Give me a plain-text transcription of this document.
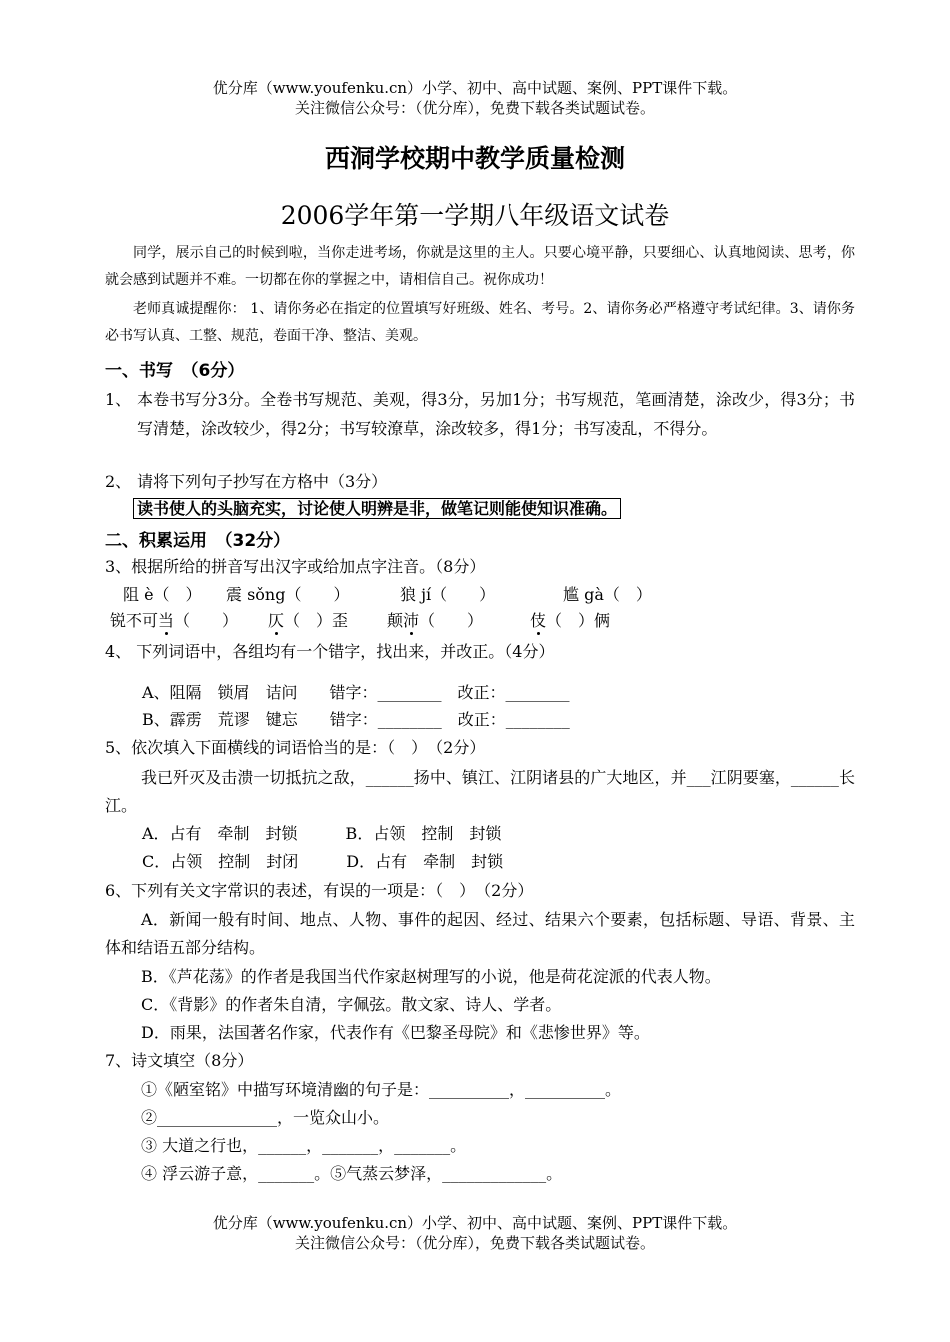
优分库（www.youfenku.cn）小学、初中、高中试题、案例、PPT课件下载。
关注微信公众号：（优分库），免费下载各类试题试卷。
西洞学校期中教学质量检测
2006学年第一学期八年级语文试卷
同学，展示自己的时候到啦，当你走进考场，你就是这里的主人。只要心境平静，只要细心、认真地阅读、思考，你就会感到试题并不难。一切都在你的掌握之中，请相信自己。祝你成功！
老师真诚提醒你： 1、请你务必在指定的位置填写好班级、姓名、考号。2、请你务必严格遵守考试纪律。3、请你务必书写认真、工整、规范，卷面干净、整洁、美观。
一、书写　（6分）
1、 本卷书写分3分。全卷书写规范、美观，得3分，另加1分；书写规范，笔画清楚，涂改少，得3分；书写清楚，涂改较少，得2分；书写较潦草，涂改较多，得1分；书写凌乱，不得分。
2、 请将下列句子抄写在方格中（3分）
读书使人的头脑充实，讨论使人明辨是非，做笔记则能使知识准确。
二、积累运用　（32分）
3、根据所给的拼音写出汉字或给加点字注音。（8分）
阻 è（　） 震 sǒng（　　）	狼 jí（　　）	尴 gà（　）
锐不可当（　　） 仄（　）歪 颠沛（　　）	伎（　）俩
4、 下列词语中，各组均有一个错字，找出来，并改正。（4分）
A、阻隔　锁屑　诘问　　错字：________　改正：________
B、霹雳　荒谬　键忘　　错字：________　改正：________
5、依次填入下面横线的词语恰当的是：（　）　（2分）
我已歼灭及击溃一切抵抗之敌，______扬中、镇江、江阴诸县的广大地区，并___江阴要塞，______长江。
A．占有　牵制　封锁　　　B．占领　控制　封锁
C．占领　控制　封闭　　　D．占有　牵制　封锁
6、下列有关文字常识的表述，有误的一项是：（　）　（2分）
A．新闻一般有时间、地点、人物、事件的起因、经过、结果六个要素，包括标题、导语、背景、主体和结语五部分结构。
B．《芦花荡》的作者是我国当代作家赵树理写的小说，他是荷花淀派的代表人物。
C．《背影》的作者朱自清，字佩弦。散文家、诗人、学者。
D．雨果，法国著名作家，代表作有《巴黎圣母院》和《悲惨世界》等。
7、诗文填空（8分）
①《陋室铭》中描写环境清幽的句子是：__________，__________。
②_______________，一览众山小。
③ 大道之行也，______，_______，_______。
④ 浮云游子意，_______。⑤气蒸云梦泽，_____________。
优分库（www.youfenku.cn）小学、初中、高中试题、案例、PPT课件下载。
关注微信公众号：（优分库），免费下载各类试题试卷。
